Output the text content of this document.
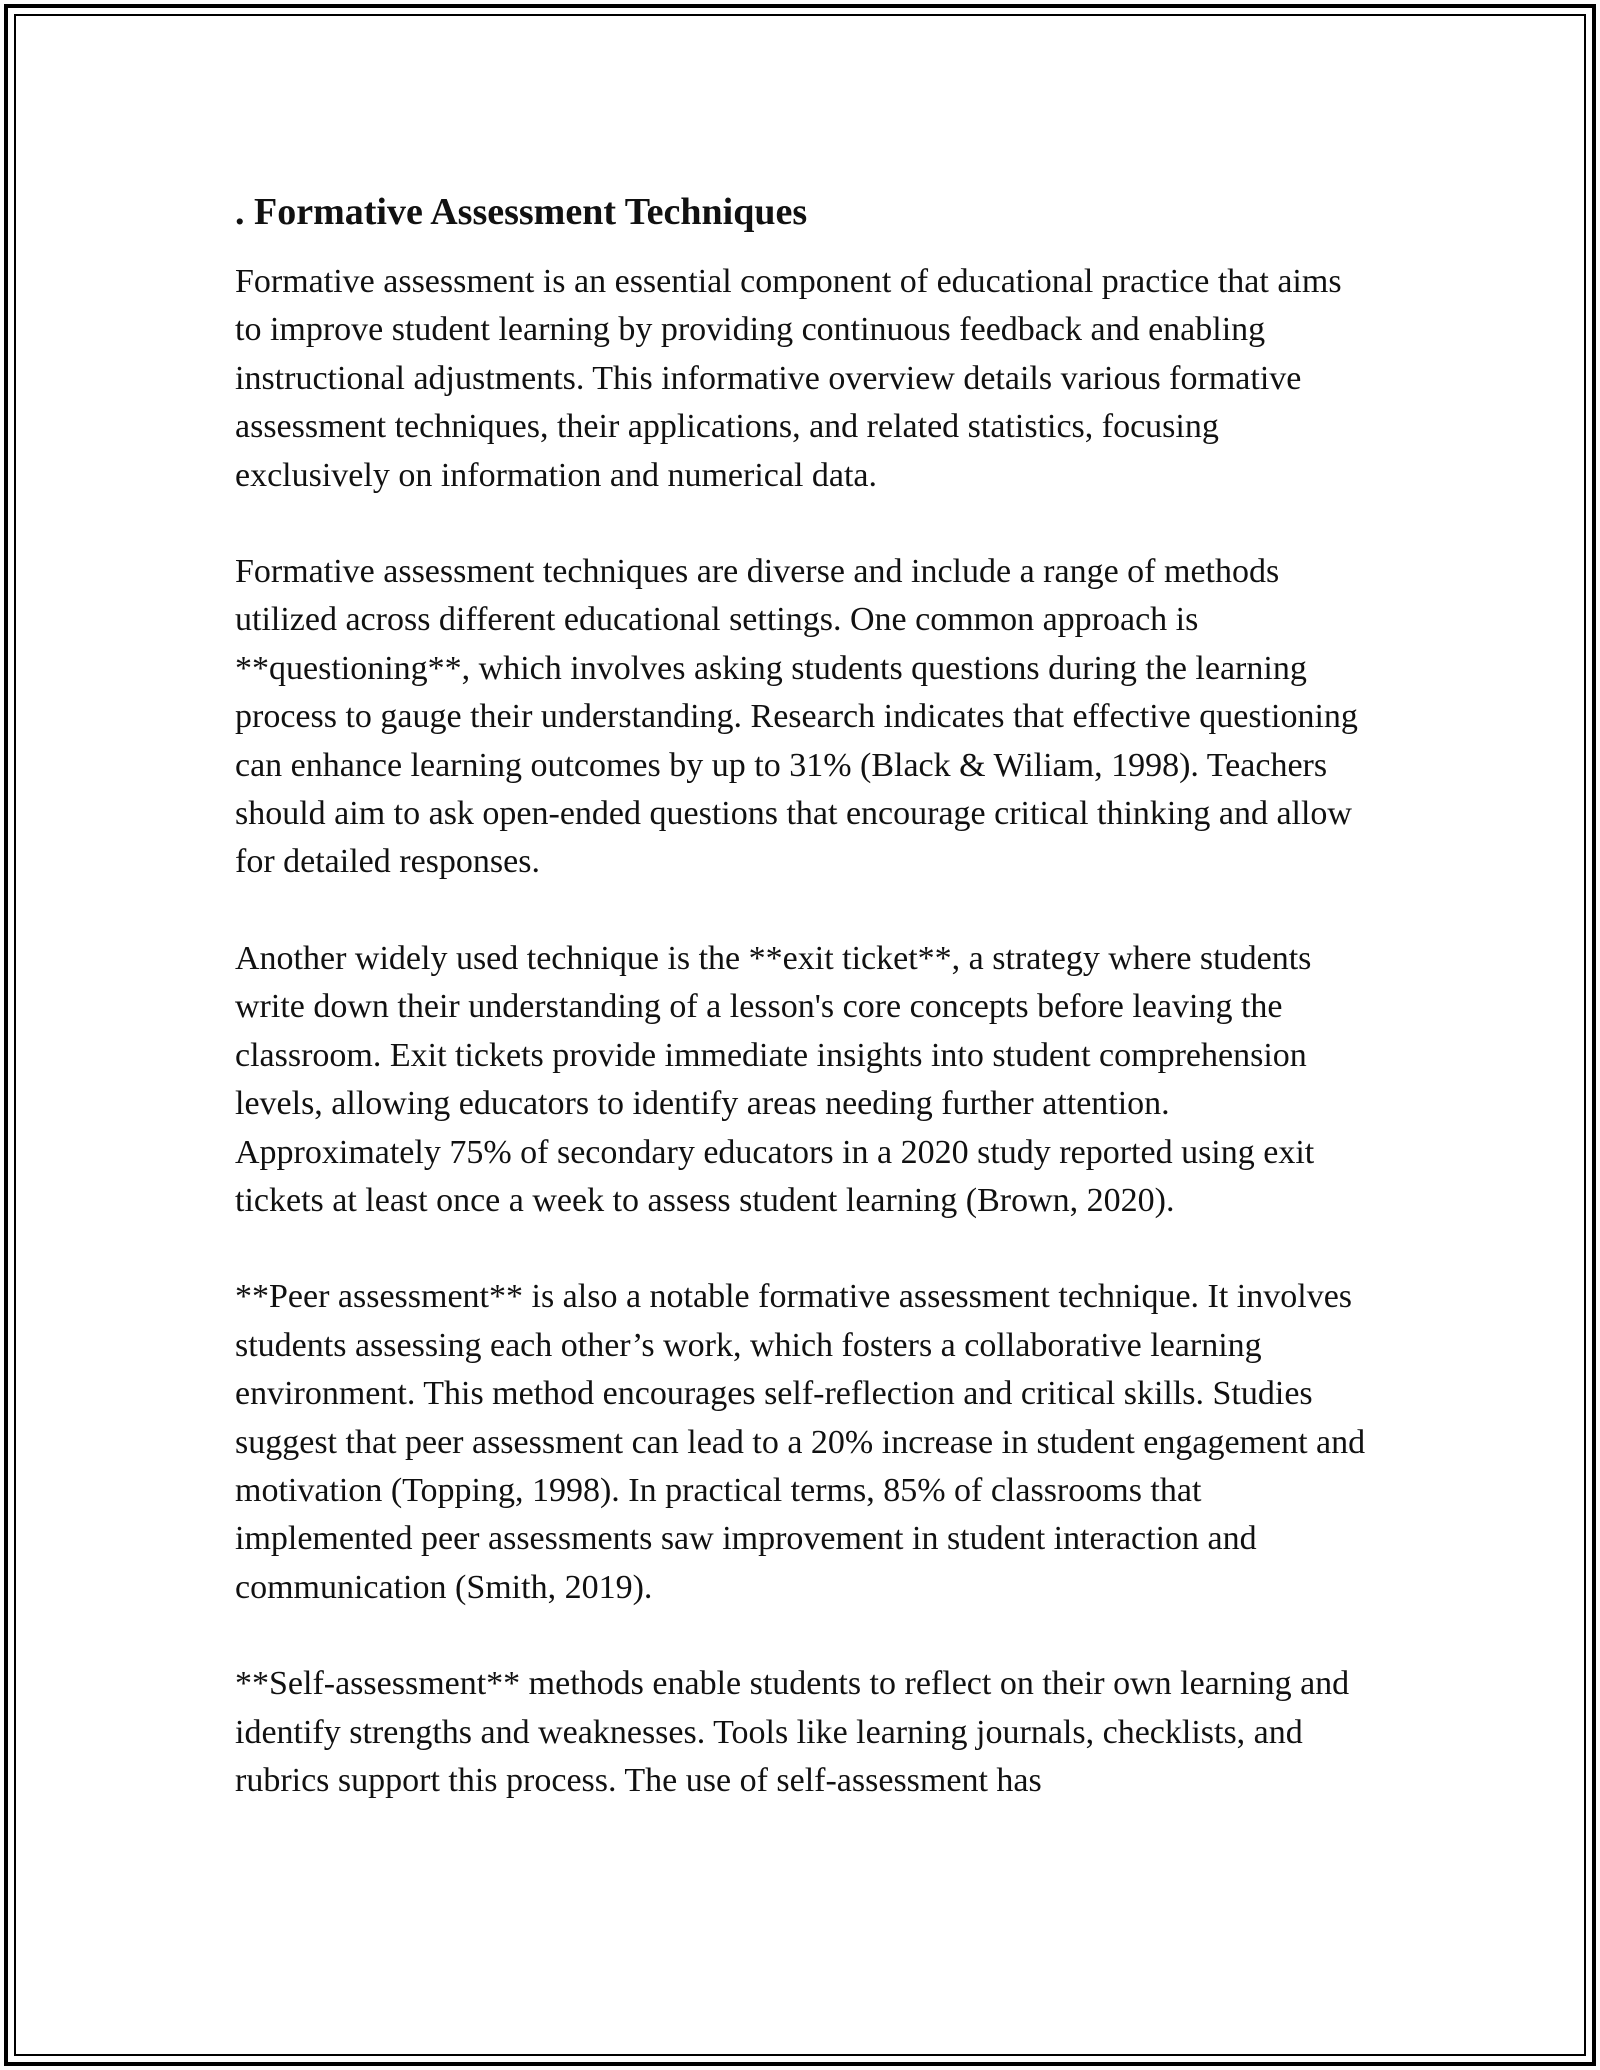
. Formative Assessment Techniques

Formative assessment is an essential component of educational practice that aims to improve student learning by providing continuous feedback and enabling instructional adjustments. This informative overview details various formative assessment techniques, their applications, and related statistics, focusing exclusively on information and numerical data.

Formative assessment techniques are diverse and include a range of methods utilized across different educational settings. One common approach is **questioning**, which involves asking students questions during the learning process to gauge their understanding. Research indicates that effective questioning can enhance learning outcomes by up to 31% (Black & Wiliam, 1998). Teachers should aim to ask open-ended questions that encourage critical thinking and allow for detailed responses.

Another widely used technique is the **exit ticket**, a strategy where students write down their understanding of a lesson's core concepts before leaving the classroom. Exit tickets provide immediate insights into student comprehension levels, allowing educators to identify areas needing further attention. Approximately 75% of secondary educators in a 2020 study reported using exit tickets at least once a week to assess student learning (Brown, 2020).

**Peer assessment** is also a notable formative assessment technique. It involves students assessing each other’s work, which fosters a collaborative learning environment. This method encourages self-reflection and critical skills. Studies suggest that peer assessment can lead to a 20% increase in student engagement and motivation (Topping, 1998). In practical terms, 85% of classrooms that implemented peer assessments saw improvement in student interaction and communication (Smith, 2019).

**Self-assessment** methods enable students to reflect on their own learning and identify strengths and weaknesses. Tools like learning journals, checklists, and rubrics support this process. The use of self-assessment has
